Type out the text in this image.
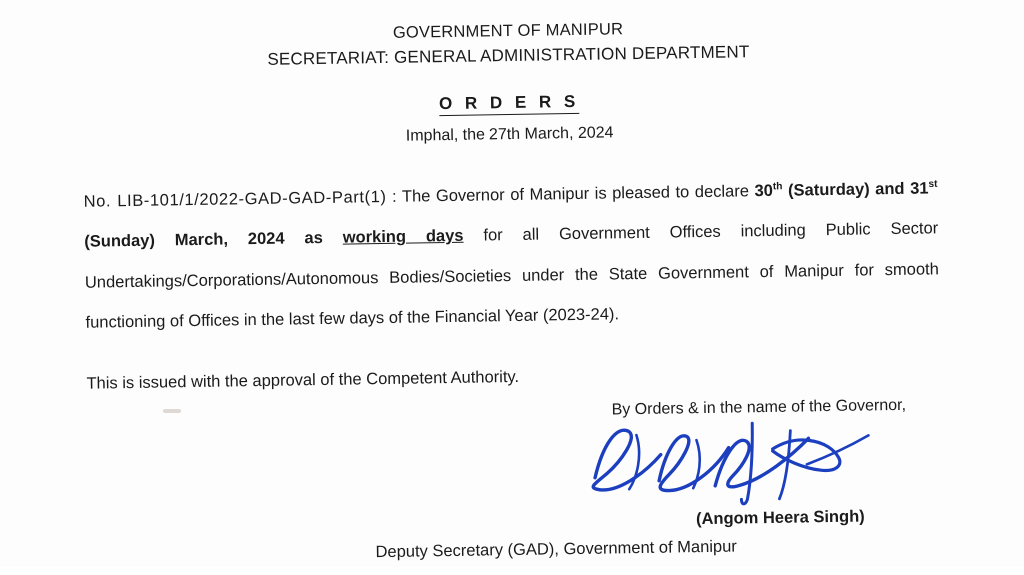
GOVERNMENT OF MANIPUR
SECRETARIAT: GENERAL ADMINISTRATION DEPARTMENT
O R D E R S
Imphal, the 27th March, 2024
No. LIB-101/1/2022-GAD-GAD-Part(1) : The Governor of Manipur is pleased to declare 30th (Saturday) and 31st (Sunday) March, 2024 as working days for all Government Offices including Public Sector Undertakings/Corporations/Autonomous Bodies/Societies under the State Government of Manipur for smooth functioning of Offices in the last few days of the Financial Year (2023-24).
This is issued with the approval of the Competent Authority.
By Orders & in the name of the Governor,
(Angom Heera Singh)
Deputy Secretary (GAD), Government of Manipur
